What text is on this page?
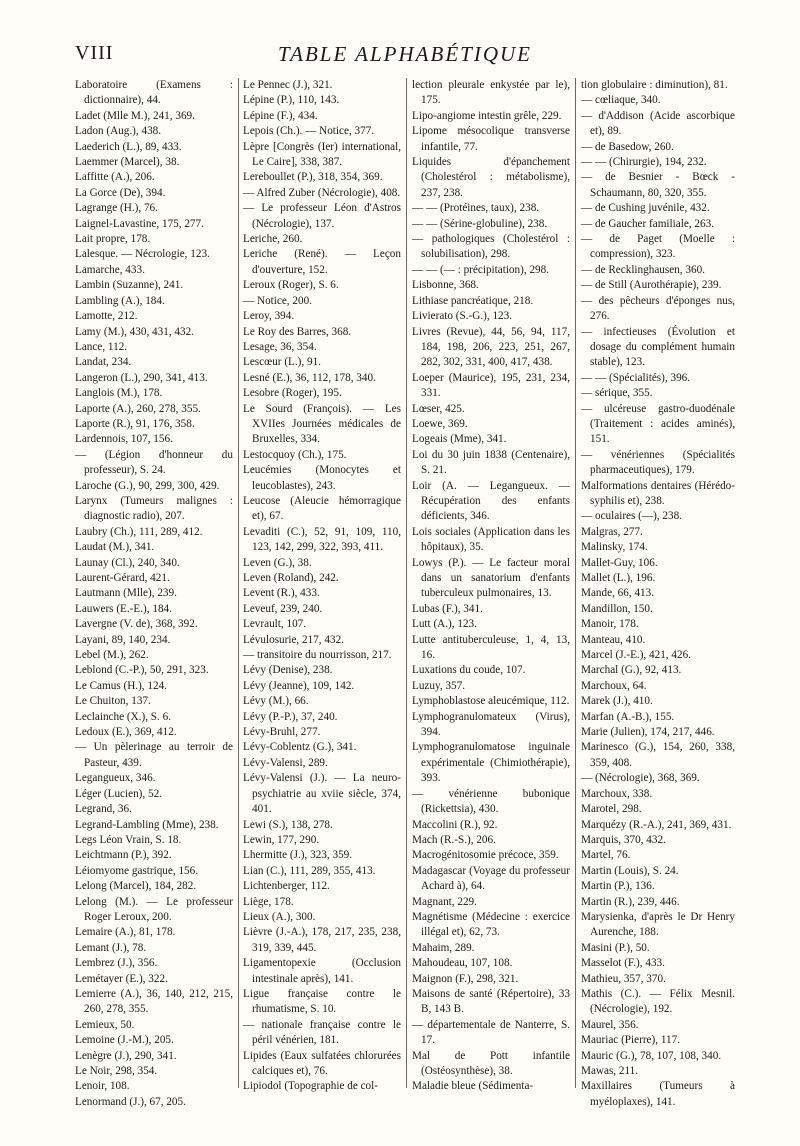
VIII	TABLE ALPHABÉTIQUE

Laboratoire (Examens : dictionnaire), 44.

Ladet (Mlle M.), 241, 369.

Ladon (Aug.), 438.

Laederich (L.), 89, 433.

Laemmer (Marcel), 38.

Laffitte (A.), 206.

La Gorce (De), 394.

Lagrange (H.), 76.

Laignel-Lavastine, 175, 277.

Lait propre, 178.

Lalesque. — Nécrologie, 123.

Lamarche, 433.

Lambin (Suzanne), 241.

Lambling (A.), 184.

Lamotte, 212.

Lamy (M.), 430, 431, 432.

Lance, 112.

Landat, 234.

Langeron (L.), 290, 341, 413.

Langlois (M.), 178.

Laporte (A.), 260, 278, 355.

Laporte (R.), 91, 176, 358.

Lardennois, 107, 156.

— (Légion d'honneur du professeur), S. 24.

Laroche (G.), 90, 299, 300, 429.

Larynx (Tumeurs malignes : diagnostic radio), 207.

Laubry (Ch.), 111, 289, 412.

Laudat (M.), 341.

Launay (Cl.), 240, 340.

Laurent-Gérard, 421.

Lautmann (Mlle), 239.

Lauwers (E.-E.), 184.

Lavergne (V. de), 368, 392.

Layani, 89, 140, 234.

Lebel (M.), 262.

Leblond (C.-P.), 50, 291, 323.

Le Camus (H.), 124.

Le Chuiton, 137.

Leclainche (X.), S. 6.

Ledoux (E.), 369, 412.

— Un pèlerinage au terroir de Pasteur, 439.

Legangueux, 346.

Léger (Lucien), 52.

Legrand, 36.

Legrand-Lambling (Mme), 238.

Legs Léon Vrain, S. 18.

Leichtmann (P.), 392.

Léiomyome gastrique, 156.

Lelong (Marcel), 184, 282.

Lelong (M.). — Le professeur Roger Leroux, 200.

Lemaire (A.), 81, 178.

Lemant (J.), 78.

Lembrez (J.), 356.

Lemétayer (E.), 322.

Lemierre (A.), 36, 140, 212, 215, 260, 278, 355.

Lemieux, 50.

Lemoine (J.-M.), 205.

Lenègre (J.), 290, 341.

Le Noir, 298, 354.

Lenoir, 108.

Lenormand (J.), 67, 205.

Le Pennec (J.), 321.

Lépine (P.), 110, 143.

Lépine (F.), 434.

Lepois (Ch.). — Notice, 377.

Lèpre [Congrès (Ier) international, Le Caire], 338, 387.

Lereboullet (P.), 318, 354, 369.

— Alfred Zuber (Nécrologie), 408.

— Le professeur Léon d'Astros (Nécrologie), 137.

Leriche, 260.

Leriche (René). — Leçon d'ouverture, 152.

Leroux (Roger), S. 6.

— Notice, 200.

Leroy, 394.

Le Roy des Barres, 368.

Lesage, 36, 354.

Lescœur (L.), 91.

Lesné (E.), 36, 112, 178, 340.

Lesobre (Roger), 195.

Le Sourd (François). — Les XVIIes Journées médicales de Bruxelles, 334.

Lestocquoy (Ch.), 175.

Leucémies (Monocytes et leucoblastes), 243.

Leucose (Aleucie hémorragique et), 67.

Levaditi (C.), 52, 91, 109, 110, 123, 142, 299, 322, 393, 411.

Leven (G.), 38.

Leven (Roland), 242.

Levent (R.), 433.

Leveuf, 239, 240.

Levrault, 107.

Lévulosurie, 217, 432.

— transitoire du nourrisson, 217.

Lévy (Denise), 238.

Lévy (Jeanne), 109, 142.

Lévy (M.), 66.

Lévy (P.-P.), 37, 240.

Lévy-Bruhl, 277.

Lévy-Coblentz (G.), 341.

Lévy-Valensi, 289.

Lévy-Valensi (J.). — La neuro-psychiatrie au xviie siècle, 374, 401.

Lewi (S.), 138, 278.

Lewin, 177, 290.

Lhermitte (J.), 323, 359.

Lian (C.), 111, 289, 355, 413.

Lichtenberger, 112.

Liège, 178.

Lieux (A.), 300.

Lièvre (J.-A.), 178, 217, 235, 238, 319, 339, 445.

Ligamentopexie (Occlusion intestinale après), 141.

Ligue française contre le rhumatisme, S. 10.

— nationale française contre le péril vénérien, 181.

Lipides (Eaux sulfatées chlorurées calciques et), 76.

Lipiodol (Topographie de col-

lection pleurale enkystée par le), 175.

Lipo-angiome intestin grêle, 229.

Lipome mésocolique transverse infantile, 77.

Liquides d'épanchement (Cholestérol : métabolisme), 237, 238.

— — (Protéines, taux), 238.

— — (Sérine-globuline), 238.

— pathologiques (Cholestérol : solubilisation), 298.

— — (— : précipitation), 298.

Lisbonne, 368.

Lithiase pancréatique, 218.

Livierato (S.-G.), 123.

Livres (Revue), 44, 56, 94, 117, 184, 198, 206, 223, 251, 267, 282, 302, 331, 400, 417, 438.

Loeper (Maurice), 195, 231, 234, 331.

Lœser, 425.

Loewe, 369.

Logeais (Mme), 341.

Loi du 30 juin 1838 (Centenaire), S. 21.

Loir (A. — Legangueux. — Récupération des enfants déficients, 346.

Lois sociales (Application dans les hôpitaux), 35.

Lowys (P.). — Le facteur moral dans un sanatorium d'enfants tuberculeux pulmonaires, 13.

Lubas (F.), 341.

Lutt (A.), 123.

Lutte antituberculeuse, 1, 4, 13, 16.

Luxations du coude, 107.

Luzuy, 357.

Lymphoblastose aleucémique, 112.

Lymphogranulomateux (Virus), 394.

Lymphogranulomatose inguinale expérimentale (Chimiothérapie), 393.

— vénérienne bubonique (Rickettsia), 430.

Maccolini (R.), 92.

Mach (R.-S.), 206.

Macrogénitosomie précoce, 359.

Madagascar (Voyage du professeur Achard à), 64.

Magnant, 229.

Magnétisme (Médecine : exercice illégal et), 62, 73.

Mahaim, 289.

Mahoudeau, 107, 108.

Maignon (F.), 298, 321.

Maisons de santé (Répertoire), 33 B, 143 B.

— départementale de Nanterre, S. 17.

Mal de Pott infantile (Ostéosynthèse), 38.

Maladie bleue (Sédimenta-

tion globulaire : diminution), 81.

— cœliaque, 340.

— d'Addison (Acide ascorbique et), 89.

— de Basedow, 260.

— — (Chirurgie), 194, 232.

— de Besnier - Bœck - Schaumann, 80, 320, 355.

— de Cushing juvénile, 432.

— de Gaucher familiale, 263.

— de Paget (Moelle : compression), 323.

— de Recklinghausen, 360.

— de Still (Aurothérapie), 239.

— des pêcheurs d'éponges nus, 276.

— infectieuses (Évolution et dosage du complément humain stable), 123.

— — (Spécialités), 396.

— sérique, 355.

— ulcéreuse gastro-duodénale (Traitement : acides aminés), 151.

— vénériennes (Spécialités pharmaceutiques), 179.

Malformations dentaires (Hérédo-syphilis et), 238.

— oculaires (—), 238.

Malgras, 277.

Malinsky, 174.

Mallet-Guy, 106.

Mallet (L.), 196.

Mande, 66, 413.

Mandillon, 150.

Manoir, 178.

Manteau, 410.

Marcel (J.-E.), 421, 426.

Marchal (G.), 92, 413.

Marchoux, 64.

Marek (J.), 410.

Marfan (A.-B.), 155.

Marie (Julien), 174, 217, 446.

Marinesco (G.), 154, 260, 338, 359, 408.

— (Nécrologie), 368, 369.

Marchoux, 338.

Marotel, 298.

Marquézy (R.-A.), 241, 369, 431.

Marquis, 370, 432.

Martel, 76.

Martin (Louis), S. 24.

Martin (P.), 136.

Martin (R.), 239, 446.

Marysienka, d'après le Dr Henry Aurenche, 188.

Masini (P.), 50.

Masselot (F.), 433.

Mathieu, 357, 370.

Mathis (C.). — Félix Mesnil. (Nécrologie), 192.

Maurel, 356.

Mauriac (Pierre), 117.

Mauric (G.), 78, 107, 108, 340.

Mawas, 211.

Maxillaires (Tumeurs à myéloplaxes), 141.
